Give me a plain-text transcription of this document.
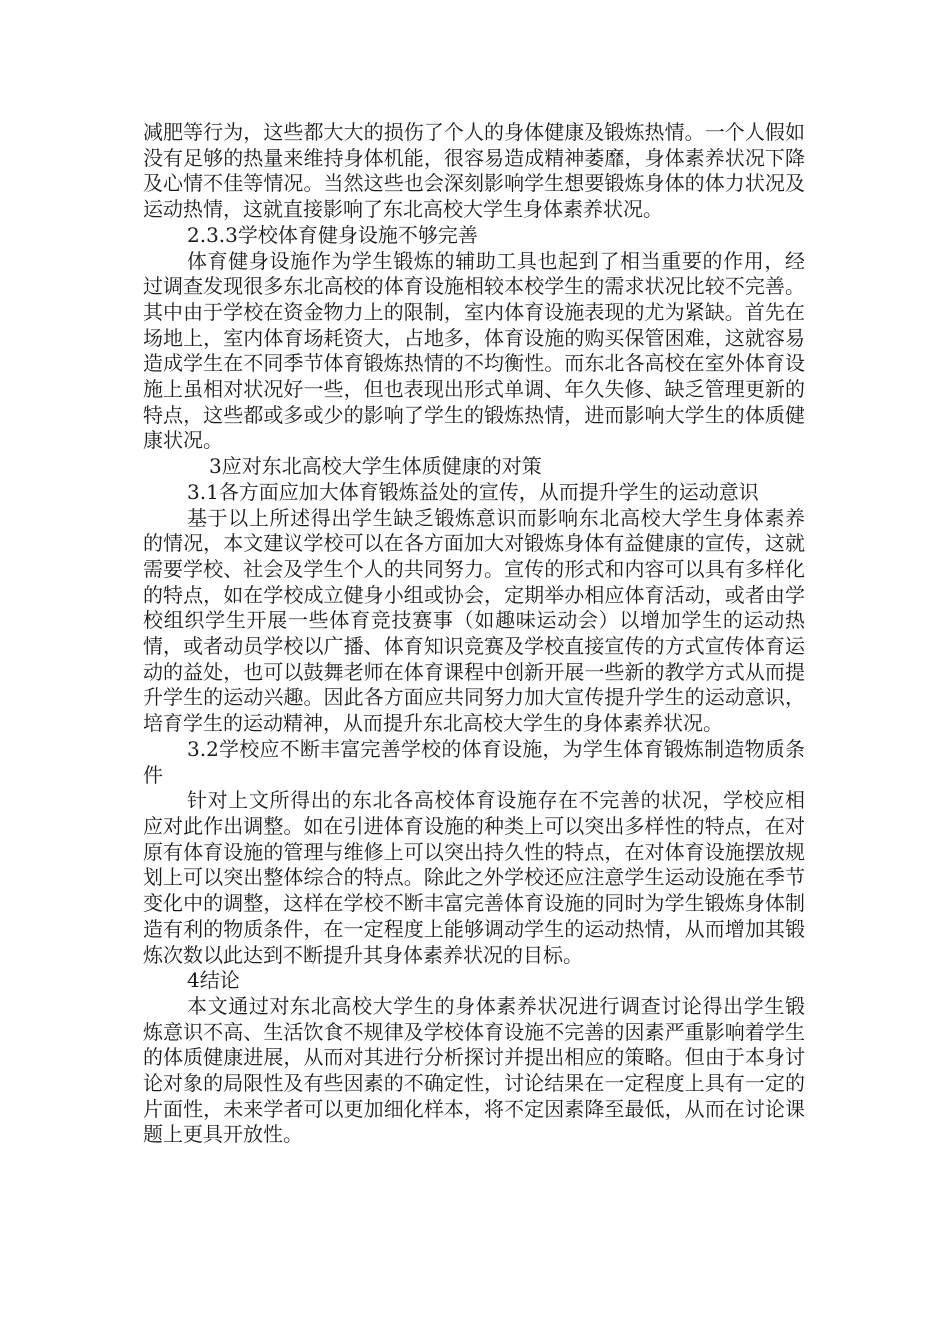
减肥等行为，这些都大大的损伤了个人的身体健康及锻炼热情。一个人假如没有足够的热量来维持身体机能，很容易造成精神萎靡，身体素养状况下降及心情不佳等情况。当然这些也会深刻影响学生想要锻炼身体的体力状况及运动热情，这就直接影响了东北高校大学生身体素养状况。

2.3.3学校体育健身设施不够完善

体育健身设施作为学生锻炼的辅助工具也起到了相当重要的作用，经过调查发现很多东北高校的体育设施相较本校学生的需求状况比较不完善。其中由于学校在资金物力上的限制，室内体育设施表现的尤为紧缺。首先在场地上，室内体育场耗资大，占地多，体育设施的购买保管困难，这就容易造成学生在不同季节体育锻炼热情的不均衡性。而东北各高校在室外体育设施上虽相对状况好一些，但也表现出形式单调、年久失修、缺乏管理更新的特点，这些都或多或少的影响了学生的锻炼热情，进而影响大学生的体质健康状况。

3应对东北高校大学生体质健康的对策

3.1各方面应加大体育锻炼益处的宣传，从而提升学生的运动意识

基于以上所述得出学生缺乏锻炼意识而影响东北高校大学生身体素养的情况，本文建议学校可以在各方面加大对锻炼身体有益健康的宣传，这就需要学校、社会及学生个人的共同努力。宣传的形式和内容可以具有多样化的特点，如在学校成立健身小组或协会，定期举办相应体育活动，或者由学校组织学生开展一些体育竞技赛事（如趣味运动会）以增加学生的运动热情，或者动员学校以广播、体育知识竞赛及学校直接宣传的方式宣传体育运动的益处，也可以鼓舞老师在体育课程中创新开展一些新的教学方式从而提升学生的运动兴趣。因此各方面应共同努力加大宣传提升学生的运动意识，培育学生的运动精神，从而提升东北高校大学生的身体素养状况。

3.2学校应不断丰富完善学校的体育设施，为学生体育锻炼制造物质条件

针对上文所得出的东北各高校体育设施存在不完善的状况，学校应相应对此作出调整。如在引进体育设施的种类上可以突出多样性的特点，在对原有体育设施的管理与维修上可以突出持久性的特点，在对体育设施摆放规划上可以突出整体综合的特点。除此之外学校还应注意学生运动设施在季节变化中的调整，这样在学校不断丰富完善体育设施的同时为学生锻炼身体制造有利的物质条件，在一定程度上能够调动学生的运动热情，从而增加其锻炼次数以此达到不断提升其身体素养状况的目标。

4结论

本文通过对东北高校大学生的身体素养状况进行调查讨论得出学生锻炼意识不高、生活饮食不规律及学校体育设施不完善的因素严重影响着学生的体质健康进展，从而对其进行分析探讨并提出相应的策略。但由于本身讨论对象的局限性及有些因素的不确定性，讨论结果在一定程度上具有一定的片面性，未来学者可以更加细化样本，将不定因素降至最低，从而在讨论课题上更具开放性。
